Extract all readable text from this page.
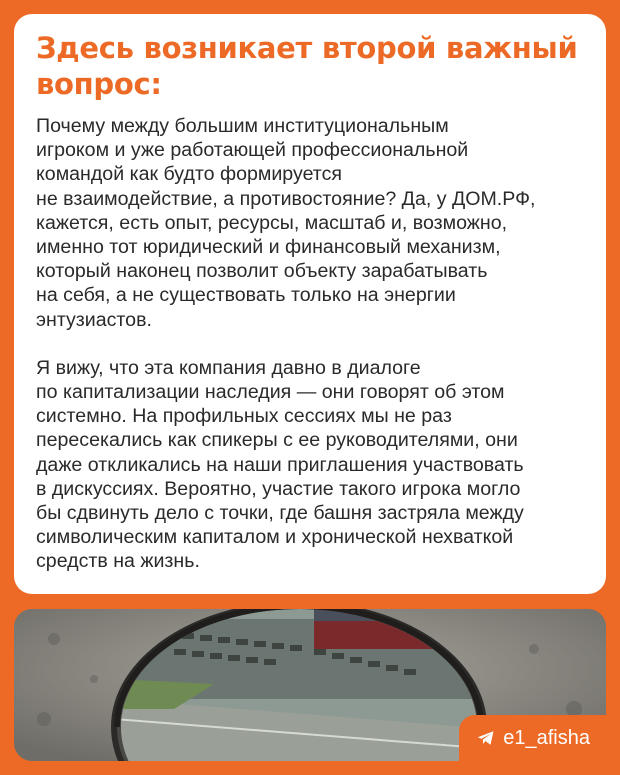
Здесь возникает второй важный
вопрос:

Почему между большим институциональным
игроком и уже работающей профессиональной
командой как будто формируется
не взаимодействие, а противостояние? Да, у ДОМ.РФ,
кажется, есть опыт, ресурсы, масштаб и, возможно,
именно тот юридический и финансовый механизм,
который наконец позволит объекту зарабатывать
на себя, а не существовать только на энергии
энтузиастов.

Я вижу, что эта компания давно в диалоге
по капитализации наследия — они говорят об этом
системно. На профильных сессиях мы не раз
пересекались как спикеры с ее руководителями, они
даже откликались на наши приглашения участвовать
в дискуссиях. Вероятно, участие такого игрока могло
бы сдвинуть дело с точки, где башня застряла между
символическим капиталом и хронической нехваткой
средств на жизнь.

e1_afisha
